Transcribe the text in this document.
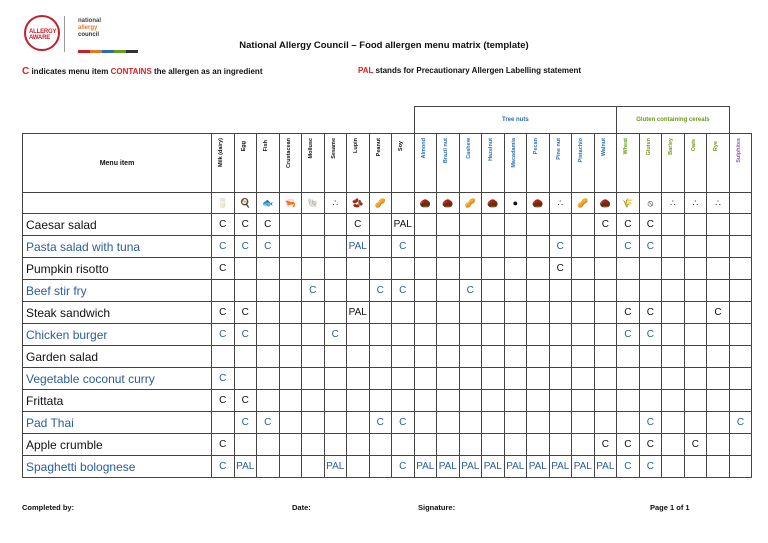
ALLERGY AWARE
national
allergy
council
National Allergy Council – Food allergen menu matrix (template)
C indicates menu item CONTAINS the allergen as an ingredient	PAL stands for Precautionary Allergen Labelling statement
										Tree nuts									Gluten containing cereals					
Menu item	Milk (dairy)	Egg	Fish	Crustacean	Mollusc	Sesame	Lupin	Peanut	Soy	Almond	Brazil nut	Cashew	Hazelnut	Macadamia	Pecan	Pine nut	Pistachio	Walnut	Wheat	Gluten	Barley	Oats	Rye	Sulphites
	🥛	🍳	🐟	🦐	🐚	∴	🫘	🥜		🌰	🌰	🥜	🌰	●	🌰	∴	🥜	🌰	🌾	⦸	∴	∴	∴	
Caesar salad	C	C	C				C		PAL									C	C	C				
Pasta salad with tuna	C	C	C				PAL		C							C			C	C				
Pumpkin risotto	C															C								
Beef stir fry					C			C	C			C												
Steak sandwich	C	C					PAL												C	C			C	
Chicken burger	C	C				C													C	C				
Garden salad																								
Vegetable coconut curry	C																							
Frittata	C	C																						
Pad Thai		C	C					C	C											C				C
Apple crumble	C																	C	C	C		C		
Spaghetti bolognese	C	PAL				PAL			C	PAL	PAL	PAL	PAL	PAL	PAL	PAL	PAL	PAL	C	C				
Completed by:	Date:	Signature:	Page 1 of 1
